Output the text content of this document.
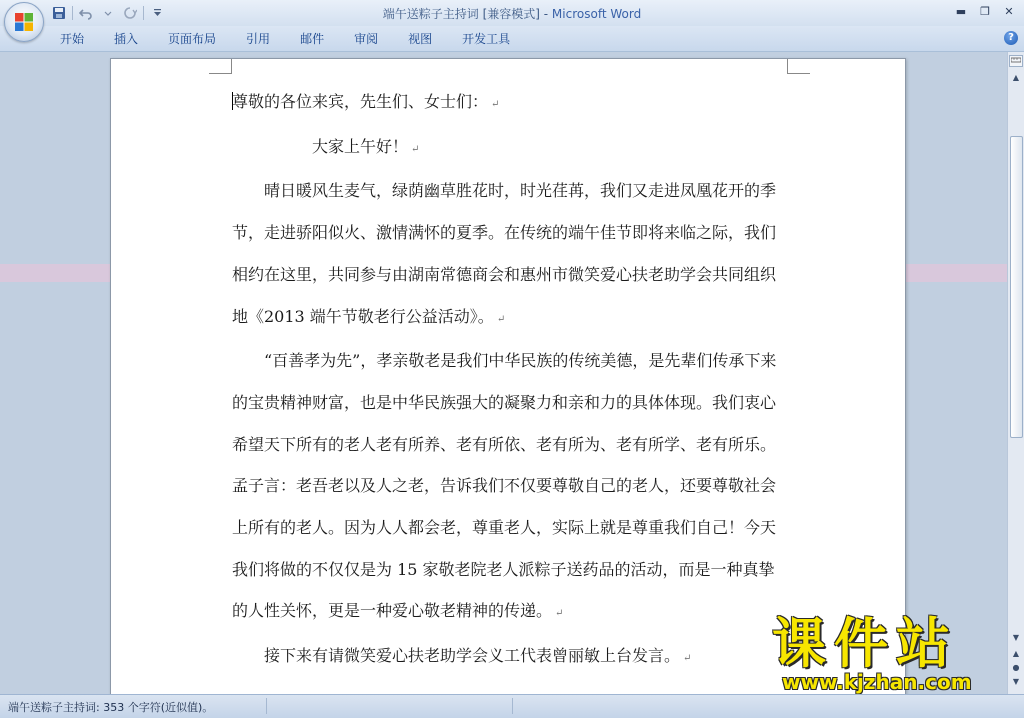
端午送粽子主持词 [兼容模式] - Microsoft Word	▬	❐	✕
开始	插入	页面布局	引用	邮件	审阅	视图	开发工具	?

尊敬的各位来宾，先生们、女士们： ↵

大家上午好！ ↵

晴日暖风生麦气，绿荫幽草胜花时，时光荏苒，我们又走进凤凰花开的季节，走进骄阳似火、激情满怀的夏季。在传统的端午佳节即将来临之际，我们相约在这里，共同参与由湖南常德商会和惠州市微笑爱心扶老助学会共同组织地《2013 端午节敬老行公益活动》。 ↵

“百善孝为先”，孝亲敬老是我们中华民族的传统美德，是先辈们传承下来的宝贵精神财富，也是中华民族强大的凝聚力和亲和力的具体体现。我们衷心希望天下所有的老人老有所养、老有所依、老有所为、老有所学、老有所乐。孟子言：老吾老以及人之老，告诉我们不仅要尊敬自己的老人，还要尊敬社会上所有的老人。因为人人都会老，尊重老人，实际上就是尊重我们自己！今天我们将做的不仅仅是为 15 家敬老院老人派粽子送药品的活动，而是一种真挚的人性关怀，更是一种爱心敬老精神的传递。 ↵

接下来有请微笑爱心扶老助学会义工代表曾丽敏上台发言。 ↵

▲
▼
▲
●
▼
课件站
www.kjzhan.com
端午送粽子主持词: 353 个字符(近似值)。
